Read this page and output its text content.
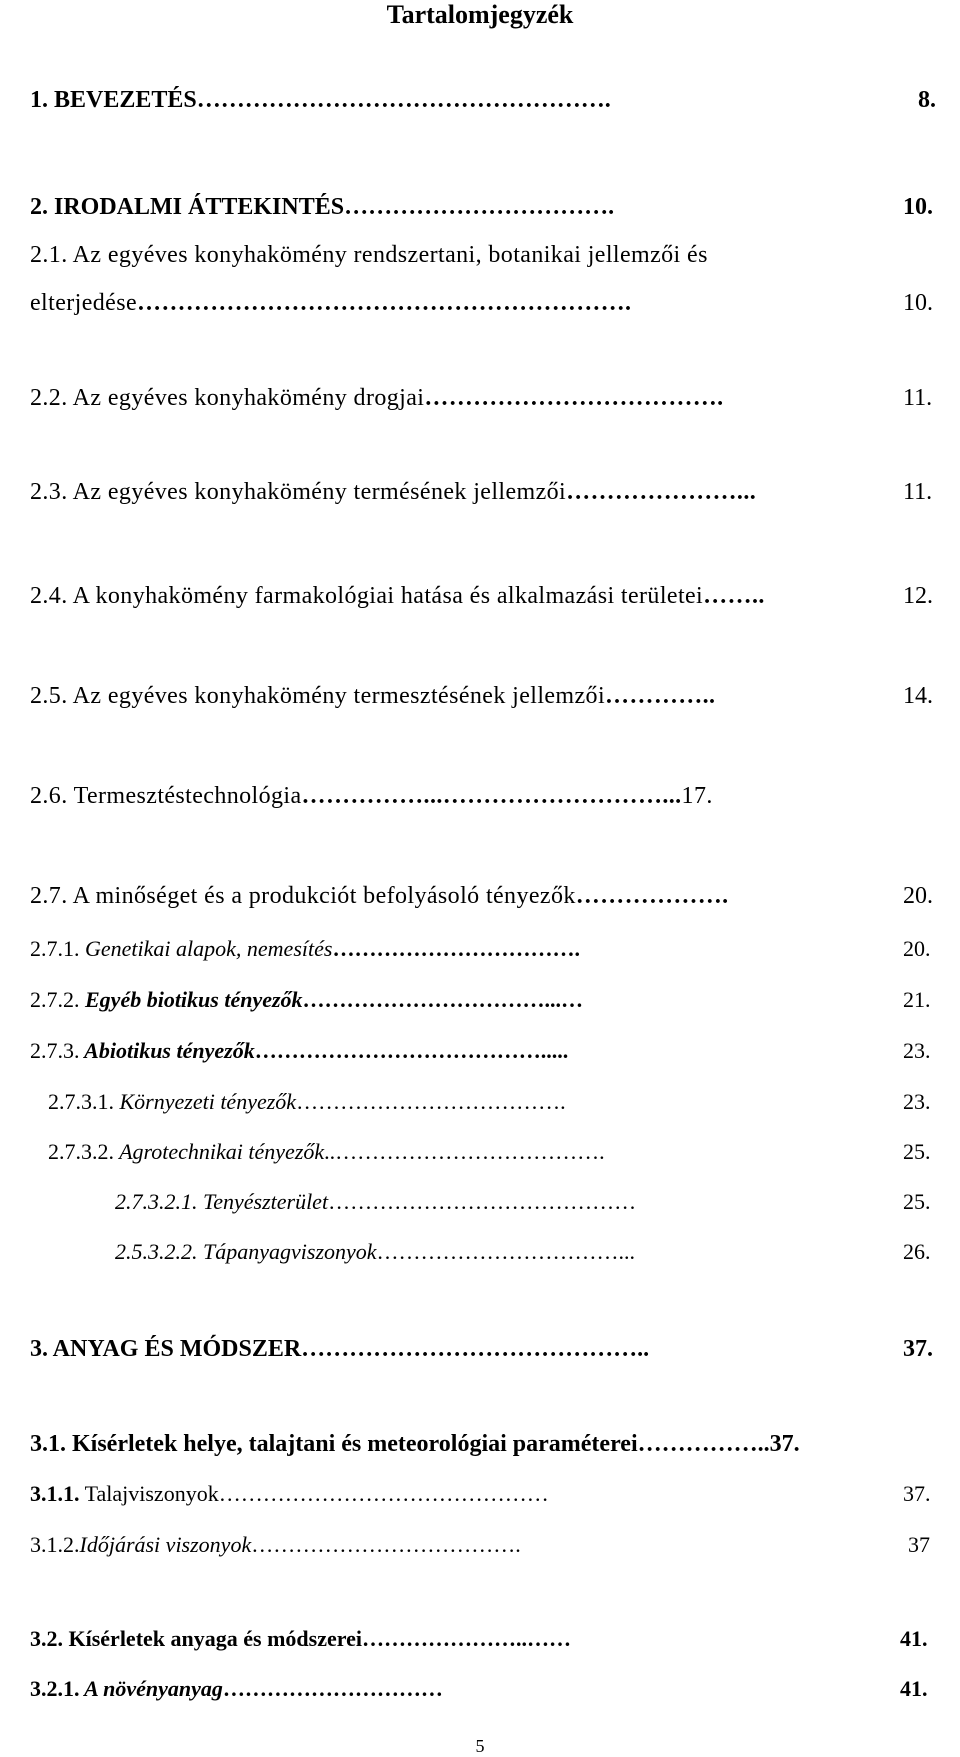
Tartalomjegyzék
1. BEVEZETÉS…………………………………………….	8.
2. IRODALMI ÁTTEKINTÉS…………………………….	10.
2.1. Az egyéves konyhakömény rendszertani, botanikai jellemzői és
elterjedése…………………………………………………….	10.
2.2. Az egyéves konyhakömény drogjai……………………………….	11.
2.3. Az egyéves konyhakömény termésének jellemzői…………………...	11.
2.4. A konyhakömény farmakológiai hatása és alkalmazási területei……..	12.
2.5. Az egyéves konyhakömény termesztésének jellemzői…………..	14.
2.6. Termesztéstechnológia……………...………………………...17.
2.7. A minőséget és a produkciót befolyásoló tényezők……………….	20.
2.7.1. Genetikai alapok, nemesítés…………………………….	20.
2.7.2. Egyéb biotikus tényezők……………………………...…	21.
2.7.3. Abiotikus tényezők………………………………….....	23.
2.7.3.1. Környezeti tényezők……………………………….	23.
2.7.3.2. Agrotechnikai tényezők..……………………………….	25.
2.7.3.2.1. Tenyészterület……………………………………	25.
2.5.3.2.2. Tápanyagviszonyok……………………………...	26.
3. ANYAG ÉS MÓDSZER……………………………………..	37.
3.1. Kísérletek helye, talajtani és meteorológiai paraméterei……………..37.
3.1.1. Talajviszonyok………………………………………	37.
3.1.2.Időjárási viszonyok……………………………….	37
3.2. Kísérletek anyaga és módszerei…………………..……	41.
3.2.1. A növényanyag…………………………	41.
5
